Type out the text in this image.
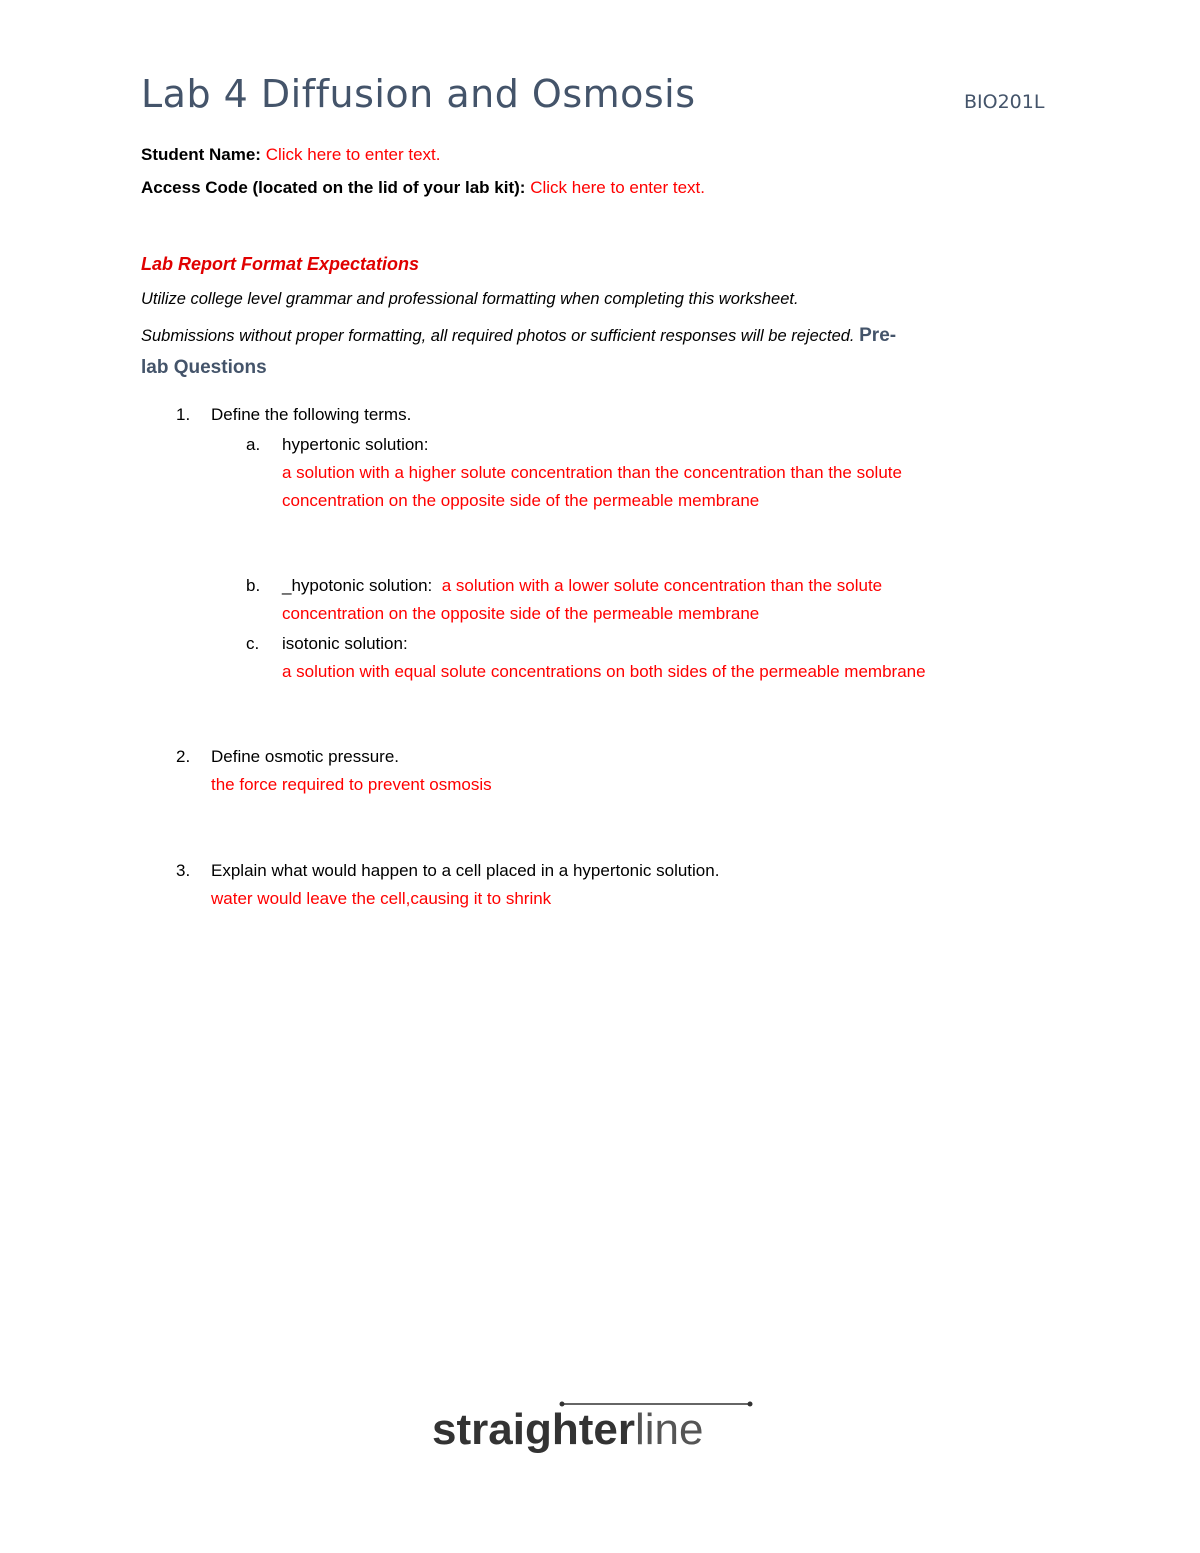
Lab 4 Diffusion and Osmosis	BIO201L
Student Name: Click here to enter text.
Access Code (located on the lid of your lab kit): Click here to enter text.
Lab Report Format Expectations
Utilize college level grammar and professional formatting when completing this worksheet.
Submissions without proper formatting, all required photos or sufficient responses will be rejected. Pre-
lab Questions
1. Define the following terms.
a. hypertonic solution:
a solution with a higher solute concentration than the concentration than the solute
concentration on the opposite side of the permeable membrane
b. _hypotonic solution: a solution with a lower solute concentration than the solute
concentration on the opposite side of the permeable membrane
c. isotonic solution:
a solution with equal solute concentrations on both sides of the permeable membrane
2. Define osmotic pressure.
the force required to prevent osmosis
3. Explain what would happen to a cell placed in a hypertonic solution.
water would leave the cell,causing it to shrink
straighterline
